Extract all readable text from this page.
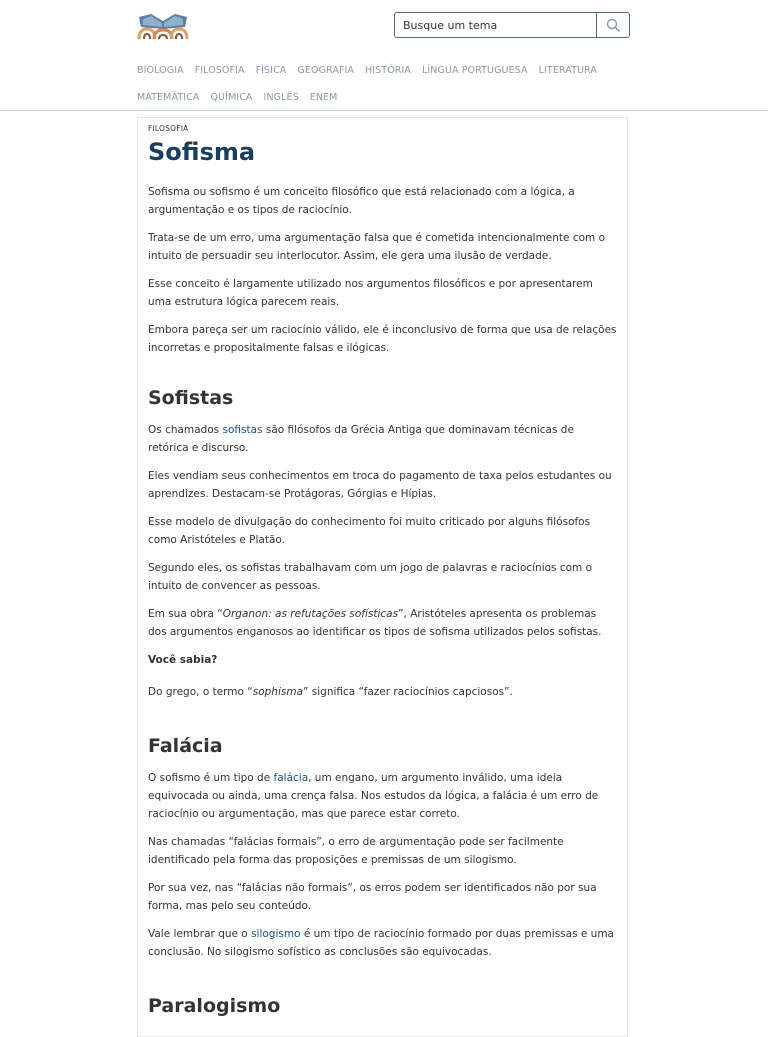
Busque um tema
BIOLOGIA FILOSOFIA FÍSICA GEOGRAFIA HISTÓRIA LÍNGUA PORTUGUESA LITERATURA
MATEMÁTICA QUÍMICA INGLÊS ENEM
FILOSOFIA
Sofisma

Sofisma ou sofismo é um conceito filosófico que está relacionado com a lógica, a argumentação e os tipos de raciocínio.

Trata-se de um erro, uma argumentação falsa que é cometida intencionalmente com o intuito de persuadir seu interlocutor. Assim, ele gera uma ilusão de verdade.

Esse conceito é largamente utilizado nos argumentos filosóficos e por apresentarem uma estrutura lógica parecem reais.

Embora pareça ser um raciocínio válido, ele é inconclusivo de forma que usa de relações incorretas e propositalmente falsas e ilógicas.

Sofistas

Os chamados sofistas são filósofos da Grécia Antiga que dominavam técnicas de retórica e discurso.

Eles vendiam seus conhecimentos em troca do pagamento de taxa pelos estudantes ou aprendizes. Destacam-se Protágoras, Górgias e Hípias.

Esse modelo de divulgação do conhecimento foi muito criticado por alguns filósofos como Aristóteles e Platão.

Segundo eles, os sofistas trabalhavam com um jogo de palavras e raciocínios com o intuito de convencer as pessoas.

Em sua obra “Organon: as refutações sofísticas”, Aristóteles apresenta os problemas dos argumentos enganosos ao identificar os tipos de sofisma utilizados pelos sofistas.

Você sabia?

Do grego, o termo “sophisma” significa “fazer raciocínios capciosos”.

Falácia

O sofismo é um tipo de falácia, um engano, um argumento inválido, uma ideia equivocada ou ainda, uma crença falsa. Nos estudos da lógica, a falácia é um erro de raciocínio ou argumentação, mas que parece estar correto.

Nas chamadas “falácias formais”, o erro de argumentação pode ser facilmente identificado pela forma das proposições e premissas de um silogismo.

Por sua vez, nas “falácias não formais”, os erros podem ser identificados não por sua forma, mas pelo seu conteúdo.

Vale lembrar que o silogismo é um tipo de raciocínio formado por duas premissas e uma conclusão. No silogismo sofístico as conclusões são equivocadas.

Paralogismo
